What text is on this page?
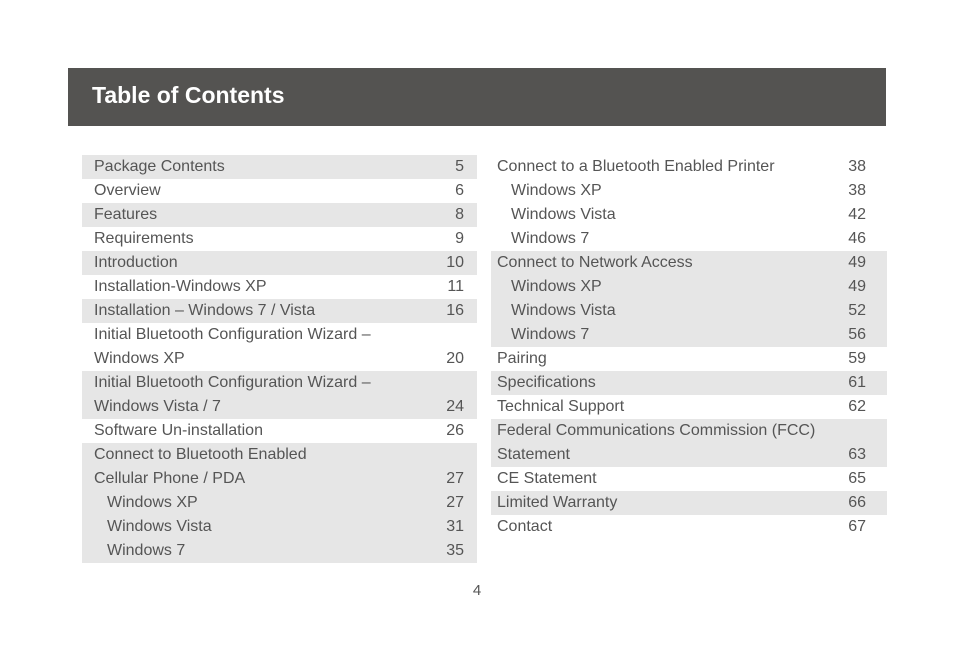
Table of Contents
Package Contents	5
Overview	6
Features	8
Requirements	9
Introduction	10
Installation-Windows XP	11
Installation – Windows 7 / Vista	16
Initial Bluetooth Configuration Wizard –
Windows XP	20
Initial Bluetooth Configuration Wizard –
Windows Vista / 7	24
Software Un-installation	26
Connect to Bluetooth Enabled
Cellular Phone / PDA	27
Windows XP	27
Windows Vista	31
Windows 7	35
Connect to a Bluetooth Enabled Printer	38
Windows XP	38
Windows Vista	42
Windows 7	46
Connect to Network Access	49
Windows XP	49
Windows Vista	52
Windows 7	56
Pairing	59
Specifications	61
Technical Support	62
Federal Communications Commission (FCC)
Statement	63
CE Statement	65
Limited Warranty	66
Contact	67
4
